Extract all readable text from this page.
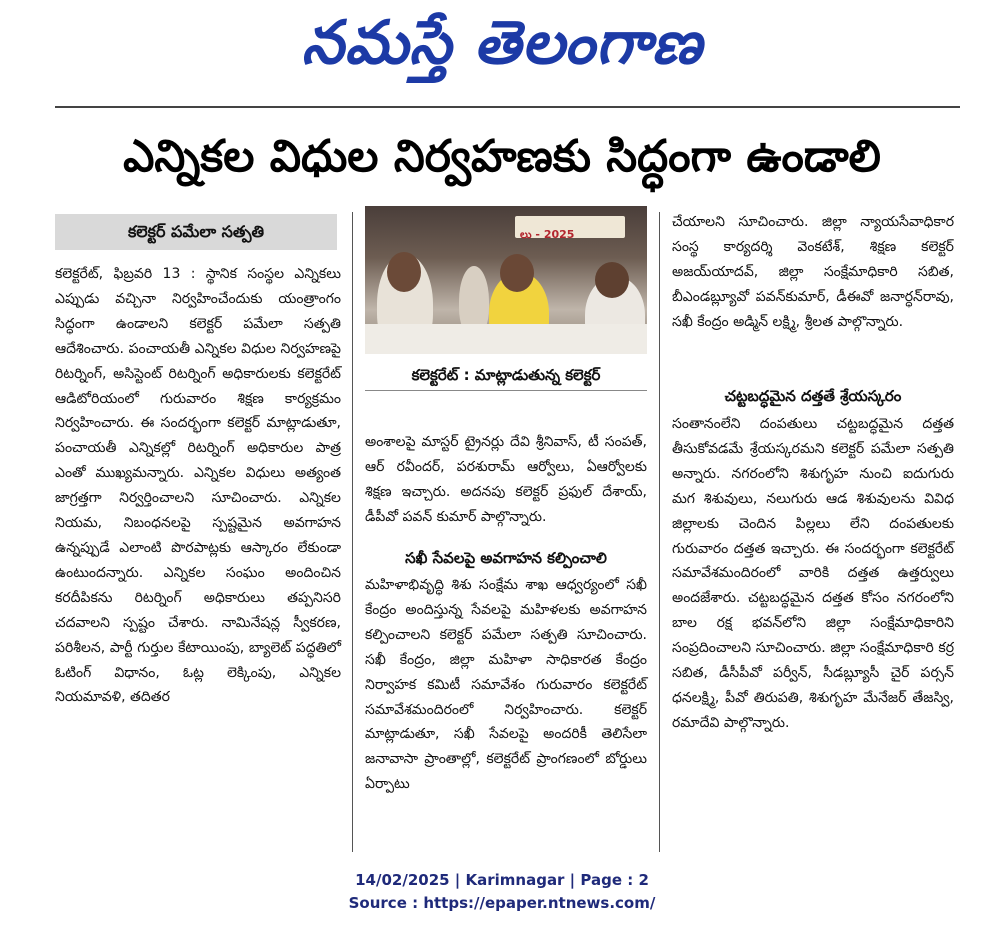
నమస్తే తెలంగాణ
ఎన్నికల విధుల నిర్వహణకు సిద్ధంగా ఉండాలి
కలెక్టర్ పమేలా సత్పతి
కలెక్టరేట్, ఫిబ్రవరి 13 : స్థానిక సంస్థల ఎన్నికలు ఎప్పుడు వచ్చినా నిర్వహించేందుకు యంత్రాంగం సిద్ధంగా ఉండాలని కలెక్టర్ పమేలా సత్పతి ఆదేశించారు. పంచాయతీ ఎన్నికల విధుల నిర్వహణపై రిటర్నింగ్, అసిస్టెంట్ రిటర్నింగ్ అధికారులకు కలెక్టరేట్ ఆడిటోరియంలో గురువారం శిక్షణ కార్యక్రమం నిర్వహించారు. ఈ సందర్భంగా కలెక్టర్ మాట్లాడుతూ, పంచాయతీ ఎన్నికల్లో రిటర్నింగ్ అధికారుల పాత్ర ఎంతో ముఖ్యమన్నారు. ఎన్నికల విధులు అత్యంత జాగ్రత్తగా నిర్వర్తించాలని సూచించారు. ఎన్నికల నియమ, నిబంధనలపై స్పష్టమైన అవగాహన ఉన్నప్పుడే ఎలాంటి పొరపాట్లకు ఆస్కారం లేకుండా ఉంటుందన్నారు. ఎన్నికల సంఘం అందించిన కరదీపికను రిటర్నింగ్ అధికారులు తప్పనిసరి చదవాలని స్పష్టం చేశారు. నామినేషన్ల స్వీకరణ, పరిశీలన, పార్టీ గుర్తుల కేటాయింపు, బ్యాలెట్ పద్ధతిలో ఓటింగ్ విధానం, ఓట్ల లెక్కింపు, ఎన్నికల నియమావళి, తదితర
లు - 2025
కలెక్టరేట్ : మాట్లాడుతున్న కలెక్టర్
అంశాలపై మాస్టర్ ట్రైనర్లు దేవి శ్రీనివాస్, టీ సంపత్, ఆర్ రవీందర్, పరశురామ్ ఆర్వోలు, ఏఆర్వోలకు శిక్షణ ఇచ్చారు. అదనపు కలెక్టర్ ప్రఫుల్ దేశాయ్, డీపీవో పవన్ కుమార్ పాల్గొన్నారు.
సఖీ సేవలపై అవగాహన కల్పించాలి
మహిళాభివృద్ధి శిశు సంక్షేమ శాఖ ఆధ్వర్యంలో సఖీ కేంద్రం అందిస్తున్న సేవలపై మహిళలకు అవగాహన కల్పించాలని కలెక్టర్ పమేలా సత్పతి సూచించారు. సఖీ కేంద్రం, జిల్లా మహిళా సాధికారత కేంద్రం నిర్వాహక కమిటీ సమావేశం గురువారం కలెక్టరేట్ సమావేశమందిరంలో నిర్వహించారు. కలెక్టర్ మాట్లాడుతూ, సఖీ సేవలపై అందరికీ తెలిసేలా జనావాసా ప్రాంతాల్లో, కలెక్టరేట్ ప్రాంగణంలో బోర్డులు ఏర్పాటు
చేయాలని సూచించారు. జిల్లా న్యాయసేవాధికార సంస్థ కార్యదర్శి వెంకటేశ్, శిక్షణ కలెక్టర్ అజయ్‌యాదవ్, జిల్లా సంక్షేమాధికారి సబిత, బీఎండబ్ల్యూవో పవన్‌కుమార్, డీఈవో జనార్ధన్‌రావు, సఖీ కేంద్రం అడ్మిన్ లక్ష్మి, శ్రీలత పాల్గొన్నారు.
చట్టబద్ధమైన దత్తతే శ్రేయస్కరం
సంతానంలేని దంపతులు చట్టబద్ధమైన దత్తత తీసుకోవడమే శ్రేయస్కరమని కలెక్టర్ పమేలా సత్పతి అన్నారు. నగరంలోని శిశుగృహ నుంచి ఐదుగురు మగ శిశువులు, నలుగురు ఆడ శిశువులను వివిధ జిల్లాలకు చెందిన పిల్లలు లేని దంపతులకు గురువారం దత్తత ఇచ్చారు. ఈ సందర్భంగా కలెక్టరేట్ సమావేశమందిరంలో వారికి దత్తత ఉత్తర్వులు అందజేశారు. చట్టబద్ధమైన దత్తత కోసం నగరంలోని బాల రక్ష భవన్‌లోని జిల్లా సంక్షేమాధికారిని సంప్రదించాలని సూచించారు. జిల్లా సంక్షేమాధికారి కర్ర సబిత, డీసీపీవో పర్వీన్, సీడబ్ల్యూసీ చైర్ పర్సన్ ధనలక్ష్మి, పీవో తిరుపతి, శిశుగృహ మేనేజర్ తేజస్వి, రమాదేవి పాల్గొన్నారు.
14/02/2025 | Karimnagar | Page : 2
Source : https://epaper.ntnews.com/
